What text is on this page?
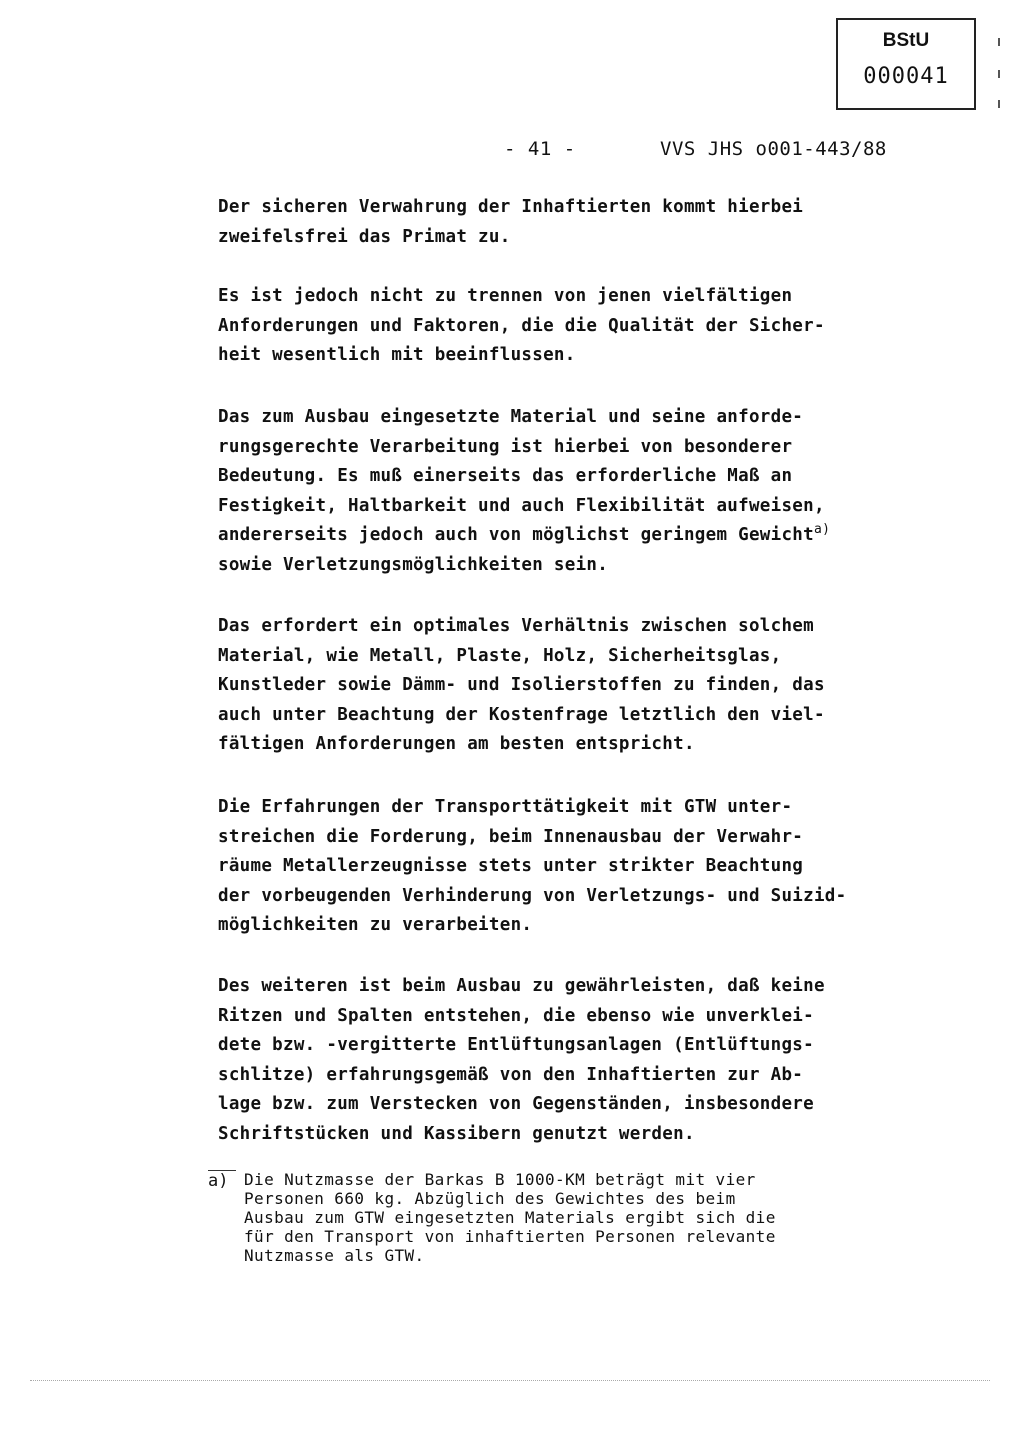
BStU
000041
- 41 -	VVS JHS o001-443/88

Der sicheren Verwahrung der Inhaftierten kommt hierbei
zweifelsfrei das Primat zu.

Es ist jedoch nicht zu trennen von jenen vielfältigen
Anforderungen und Faktoren, die die Qualität der Sicher-
heit wesentlich mit beeinflussen.

Das zum Ausbau eingesetzte Material und seine anforde-
rungsgerechte Verarbeitung ist hierbei von besonderer
Bedeutung. Es muß einerseits das erforderliche Maß an
Festigkeit, Haltbarkeit und auch Flexibilität aufweisen,
andererseits jedoch auch von möglichst geringem Gewicht$^{a)}$
sowie Verletzungsmöglichkeiten sein.

Das erfordert ein optimales Verhältnis zwischen solchem
Material, wie Metall, Plaste, Holz, Sicherheitsglas,
Kunstleder sowie Dämm- und Isolierstoffen zu finden, das
auch unter Beachtung der Kostenfrage letztlich den viel-
fältigen Anforderungen am besten entspricht.

Die Erfahrungen der Transporttätigkeit mit GTW unter-
streichen die Forderung, beim Innenausbau der Verwahr-
räume Metallerzeugnisse stets unter strikter Beachtung
der vorbeugenden Verhinderung von Verletzungs- und Suizid-
möglichkeiten zu verarbeiten.

Des weiteren ist beim Ausbau zu gewährleisten, daß keine
Ritzen und Spalten entstehen, die ebenso wie unverklei-
dete bzw. -vergitterte Entlüftungsanlagen (Entlüftungs-
schlitze) erfahrungsgemäß von den Inhaftierten zur Ab-
lage bzw. zum Verstecken von Gegenständen, insbesondere
Schriftstücken und Kassibern genutzt werden.

a) Die Nutzmasse der Barkas B 1000-KM beträgt mit vier
Personen 660 kg. Abzüglich des Gewichtes des beim
Ausbau zum GTW eingesetzten Materials ergibt sich die
für den Transport von inhaftierten Personen relevante
Nutzmasse als GTW.
